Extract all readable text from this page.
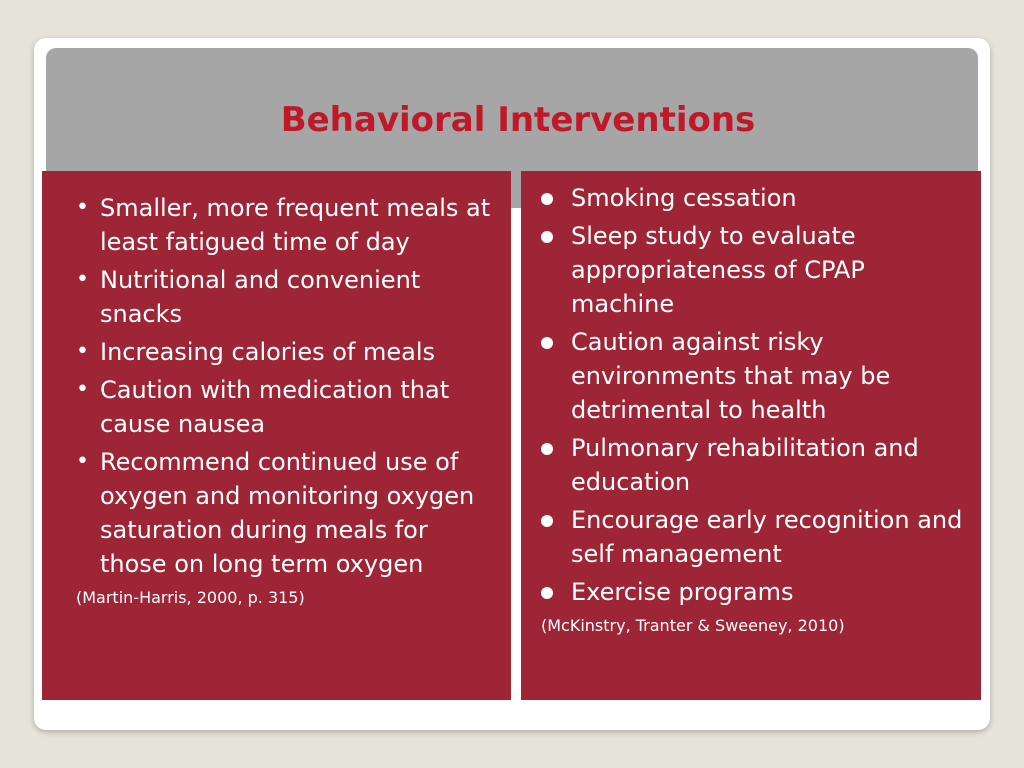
Behavioral Interventions
• Smaller, more frequent meals at least fatigued time of day
• Nutritional and convenient snacks
• Increasing calories of meals
• Caution with medication that cause nausea
• Recommend continued use of oxygen and monitoring oxygen saturation during meals for those on long term oxygen
(Martin-Harris, 2000, p. 315)
Smoking cessation
Sleep study to evaluate appropriateness of CPAP machine
Caution against risky environments that may be detrimental to health
Pulmonary rehabilitation and education
Encourage early recognition and self management
Exercise programs
(McKinstry, Tranter & Sweeney, 2010)
